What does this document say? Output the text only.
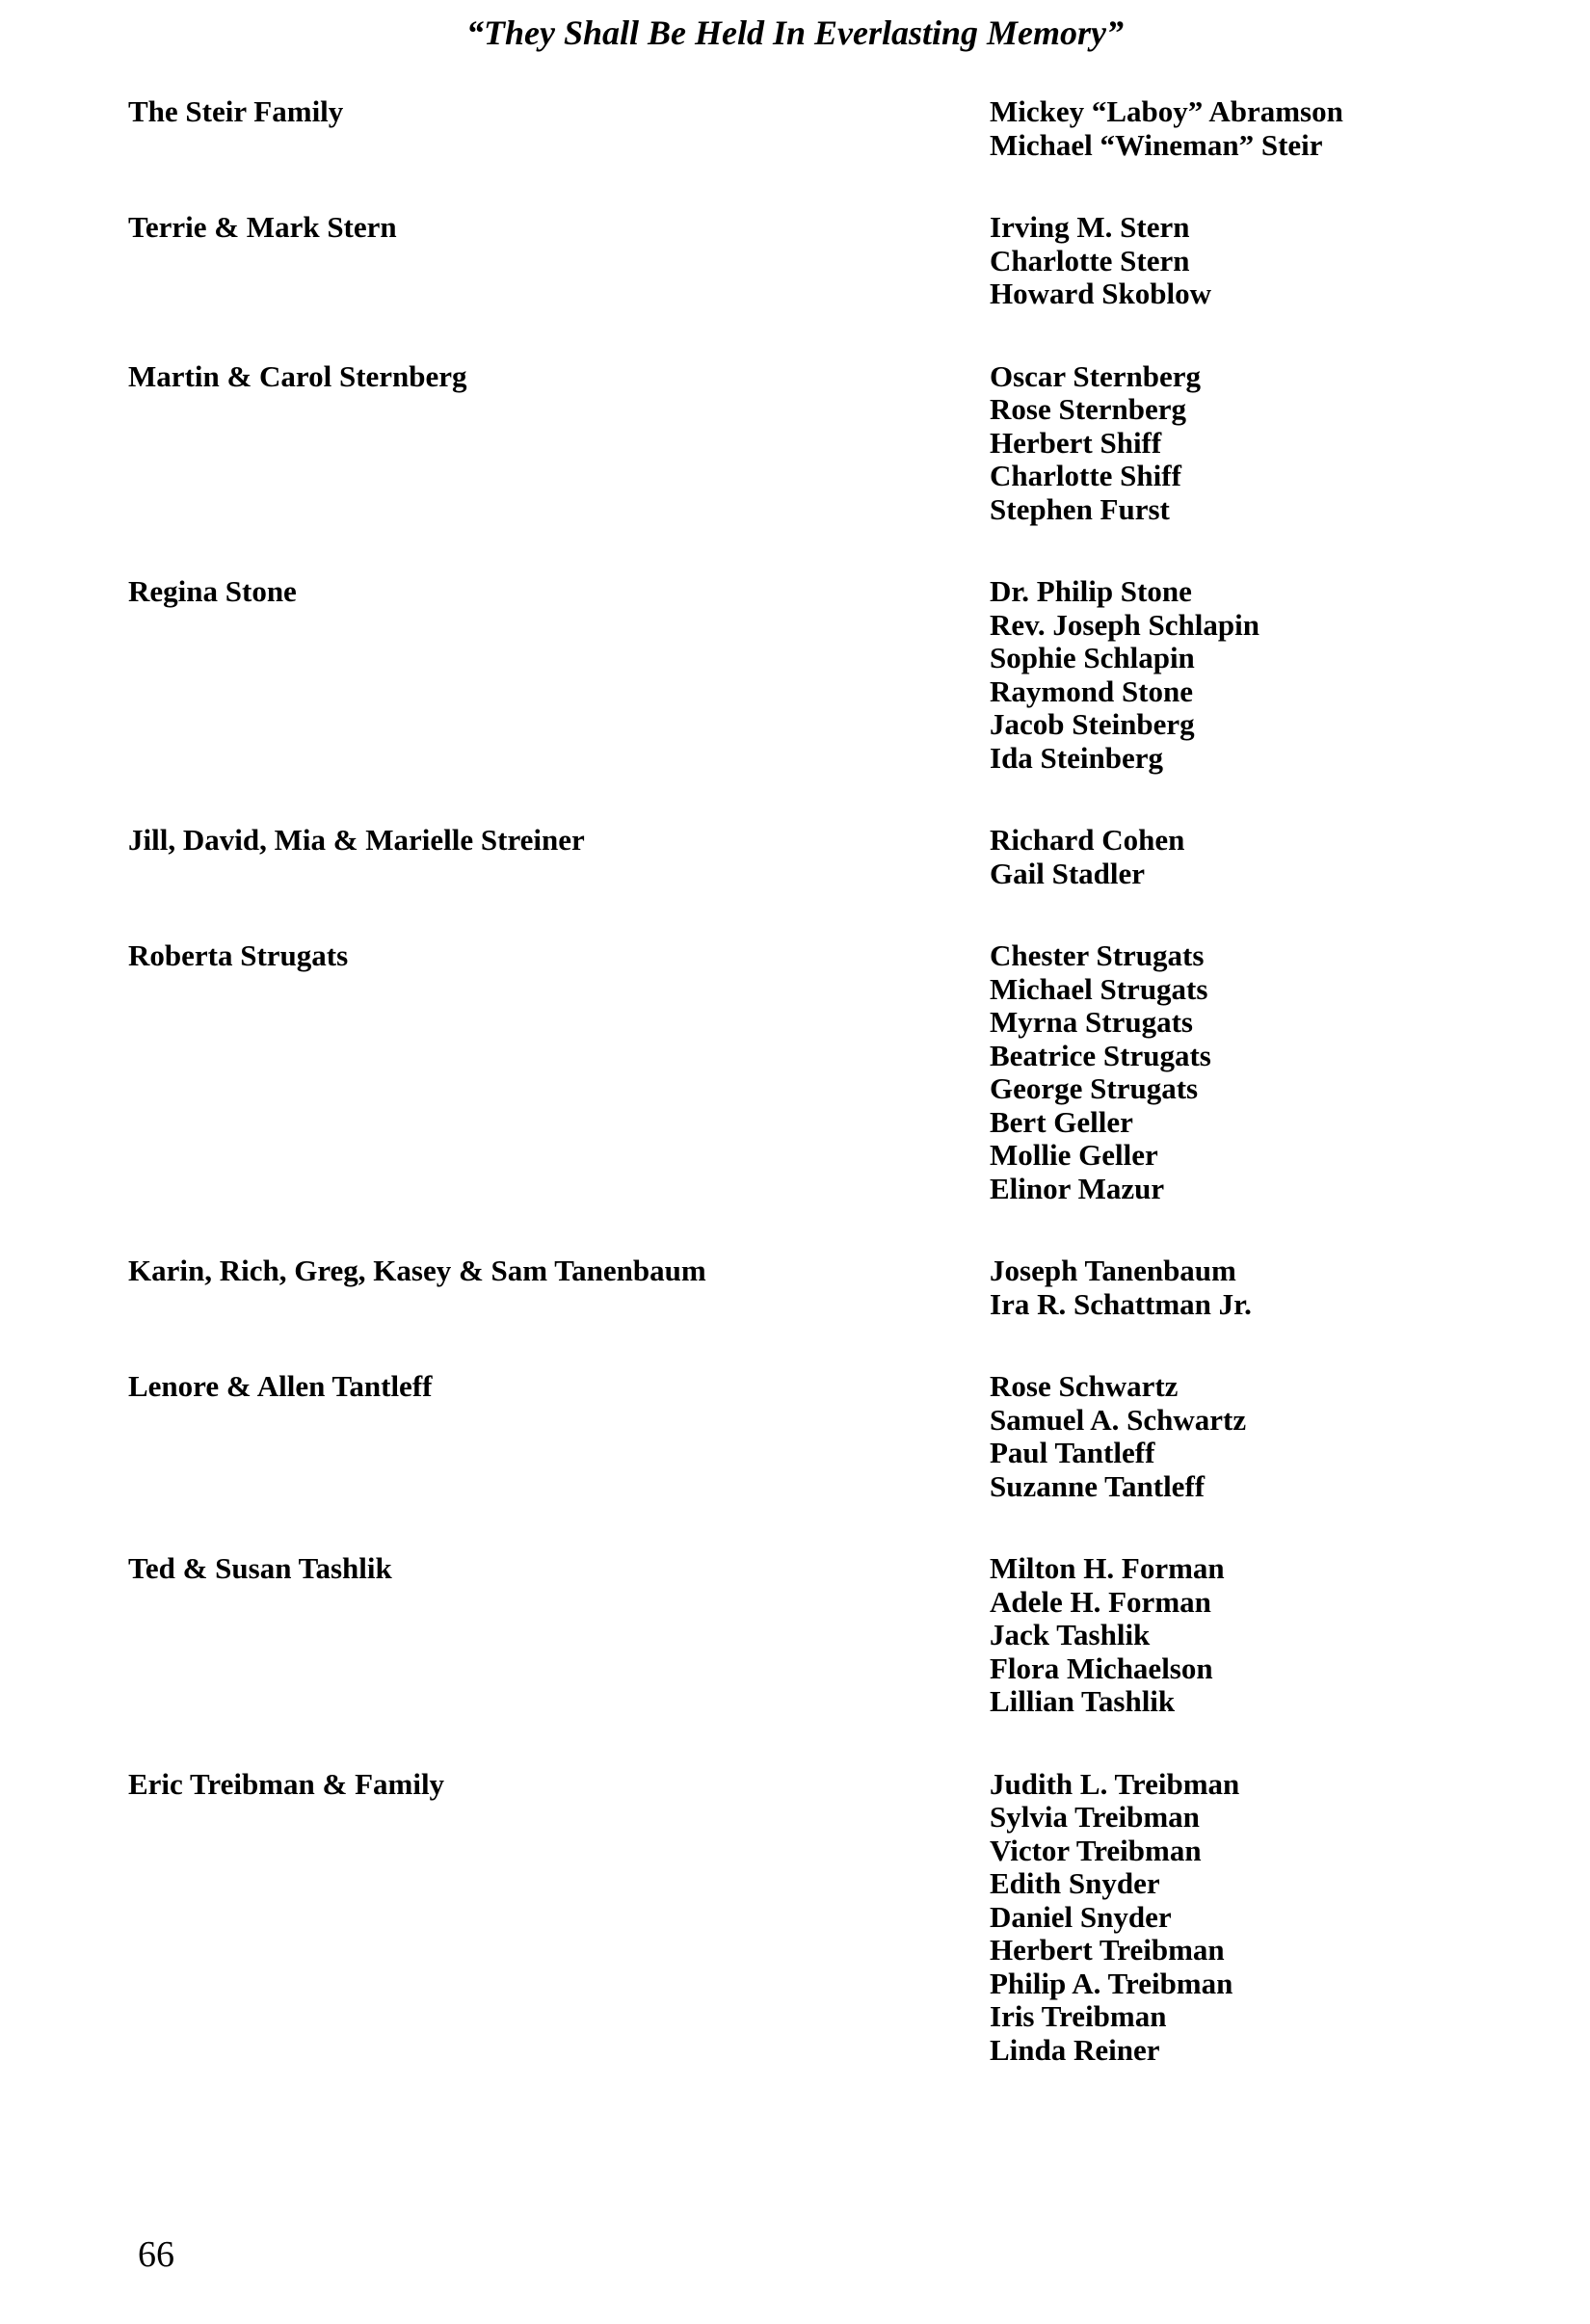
“They Shall Be Held In Everlasting Memory”
The Steir Family	Mickey “Laboy” Abramson
Michael “Wineman” Steir
Terrie & Mark Stern	Irving M. Stern
Charlotte Stern
Howard Skoblow
Martin & Carol Sternberg	Oscar Sternberg
Rose Sternberg
Herbert Shiff
Charlotte Shiff
Stephen Furst
Regina Stone	Dr. Philip Stone
Rev. Joseph Schlapin
Sophie Schlapin
Raymond Stone
Jacob Steinberg
Ida Steinberg
Jill, David, Mia & Marielle Streiner	Richard Cohen
Gail Stadler
Roberta Strugats	Chester Strugats
Michael Strugats
Myrna Strugats
Beatrice Strugats
George Strugats
Bert Geller
Mollie Geller
Elinor Mazur
Karin, Rich, Greg, Kasey & Sam Tanenbaum	Joseph Tanenbaum
Ira R. Schattman Jr.
Lenore & Allen Tantleff	Rose Schwartz
Samuel A. Schwartz
Paul Tantleff
Suzanne Tantleff
Ted & Susan Tashlik	Milton H. Forman
Adele H. Forman
Jack Tashlik
Flora Michaelson
Lillian Tashlik
Eric Treibman & Family	Judith L. Treibman
Sylvia Treibman
Victor Treibman
Edith Snyder
Daniel Snyder
Herbert Treibman
Philip A. Treibman
Iris Treibman
Linda Reiner
66
